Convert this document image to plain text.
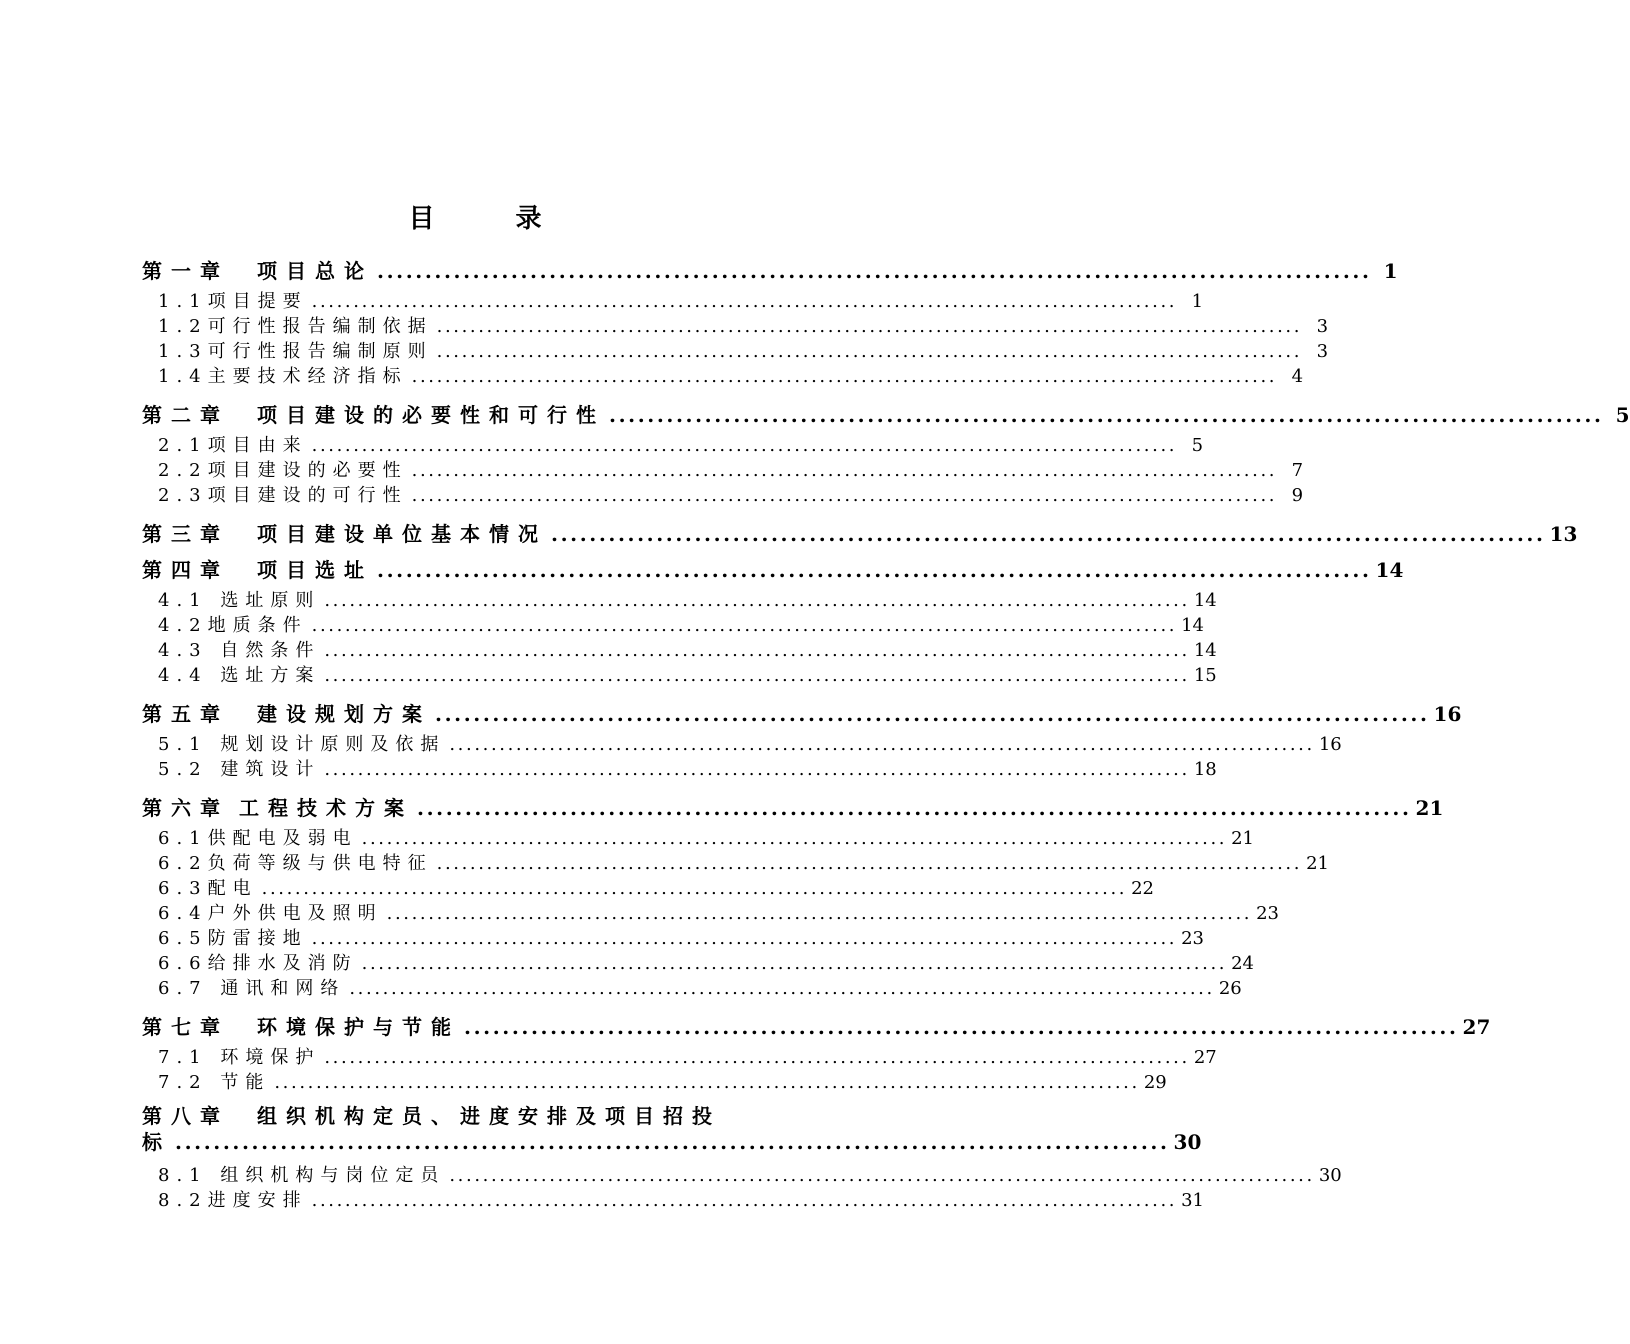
目 录
第一章 项目总论 ........................................................................................................ 1
1.1项目提要 ........................................................................................................ 1
1.2可行性报告编制依据 ........................................................................................................ 3
1.3可行性报告编制原则 ........................................................................................................ 3
1.4主要技术经济指标 ........................................................................................................ 4
第二章 项目建设的必要性和可行性 ........................................................................................................ 5
2.1项目由来 ........................................................................................................ 5
2.2项目建设的必要性 ........................................................................................................ 7
2.3项目建设的可行性 ........................................................................................................ 9
第三章 项目建设单位基本情况 ........................................................................................................ 13
第四章 项目选址 ........................................................................................................ 14
4.1 选址原则 ........................................................................................................ 14
4.2地质条件 ........................................................................................................ 14
4.3 自然条件 ........................................................................................................ 14
4.4 选址方案 ........................................................................................................ 15
第五章 建设规划方案 ........................................................................................................ 16
5.1 规划设计原则及依据 ........................................................................................................ 16
5.2 建筑设计 ........................................................................................................ 18
第六章 工程技术方案 ........................................................................................................ 21
6.1供配电及弱电 ........................................................................................................ 21
6.2负荷等级与供电特征 ........................................................................................................ 21
6.3配电 ........................................................................................................ 22
6.4户外供电及照明 ........................................................................................................ 23
6.5防雷接地 ........................................................................................................ 23
6.6给排水及消防 ........................................................................................................ 24
6.7 通讯和网络 ........................................................................................................ 26
第七章 环境保护与节能 ........................................................................................................ 27
7.1 环境保护 ........................................................................................................ 27
7.2 节能 ........................................................................................................ 29
第八章 组织机构定员、进度安排及项目招投
标 ........................................................................................................ 30
8.1 组织机构与岗位定员 ........................................................................................................ 30
8.2进度安排 ........................................................................................................ 31
